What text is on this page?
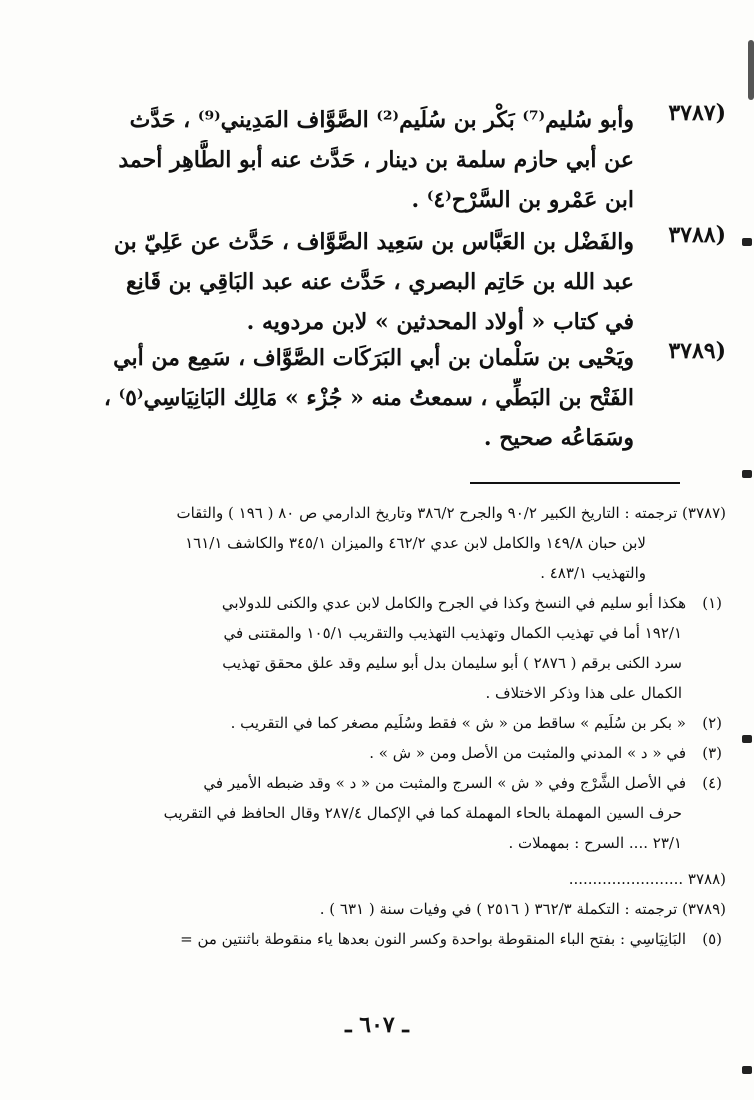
(٣٧٨٧
وأبو سُليم⁽⁷⁾ بَكْر بن سُلَيم⁽²⁾ الصَّوَّاف المَدِيني⁽⁹⁾ ، حَدَّث
عن أبي حازم سلمة بن دينار ، حَدَّث عنه أبو الطَّاهِر أحمد
ابن عَمْرو بن السَّرْح⁽٤⁾ .
(٣٧٨٨
والفَضْل بن العَبَّاس بن سَعِيد الصَّوَّاف ، حَدَّث عن عَلِيّ بن
عبد الله بن حَاتِم البصري ، حَدَّث عنه عبد البَاقِي بن قَانِع
في كتاب « أولاد المحدثين » لابن مردويه .
(٣٧٨٩
ويَحْيى بن سَلْمان بن أبي البَرَكَات الصَّوَّاف ، سَمِع من أبي
الفَتْح بن البَطِّي ، سمعتُ منه « جُزْء » مَالِك البَانِيَاسِي⁽٥⁾ ،
وسَمَاعُه صحيح .
(٣٧٨٧) ترجمته : التاريخ الكبير ٩٠/٢ والجرح ٣٨٦/٢ وتاريخ الدارمي ص ٨٠ ( ١٩٦ ) والثقات
لابن حبان ١٤٩/٨ والكامل لابن عدي ٤٦٢/٢ والميزان ٣٤٥/١ والكاشف ١٦١/١
والتهذيب ٤٨٣/١ .
(١)هكذا أبو سليم في النسخ وكذا في الجرح والكامل لابن عدي والكنى للدولابي
١٩٢/١ أما في تهذيب الكمال وتهذيب التهذيب والتقريب ١٠٥/١ والمقتنى في
سرد الكنى برقم ( ٢٨٧٦ ) أبو سليمان بدل أبو سليم وقد علق محقق تهذيب
الكمال على هذا وذكر الاختلاف .
(٢)« بكر بن سُلَيم » ساقط من « ش » فقط وسُلَيم مصغر كما في التقريب .
(٣)في « د » المدني والمثبت من الأصل ومن « ش » .
(٤)في الأصل الشَّرْج وفي « ش » السرج والمثبت من « د » وقد ضبطه الأمير في
حرف السين المهملة بالحاء المهملة كما في الإكمال ٢٨٧/٤ وقال الحافظ في التقريب
٢٣/١ .... السرح : بمهملات .
(٣٧٨٨ ........................
(٣٧٨٩) ترجمته : التكملة ٣٦٢/٣ ( ٢٥١٦ ) في وفيات سنة ( ٦٣١ ) .
(٥)البَانِيَاسِي : بفتح الباء المنقوطة بواحدة وكسر النون بعدها ياء منقوطة باثنتين من =
ـ ٦٠٧ ـ
